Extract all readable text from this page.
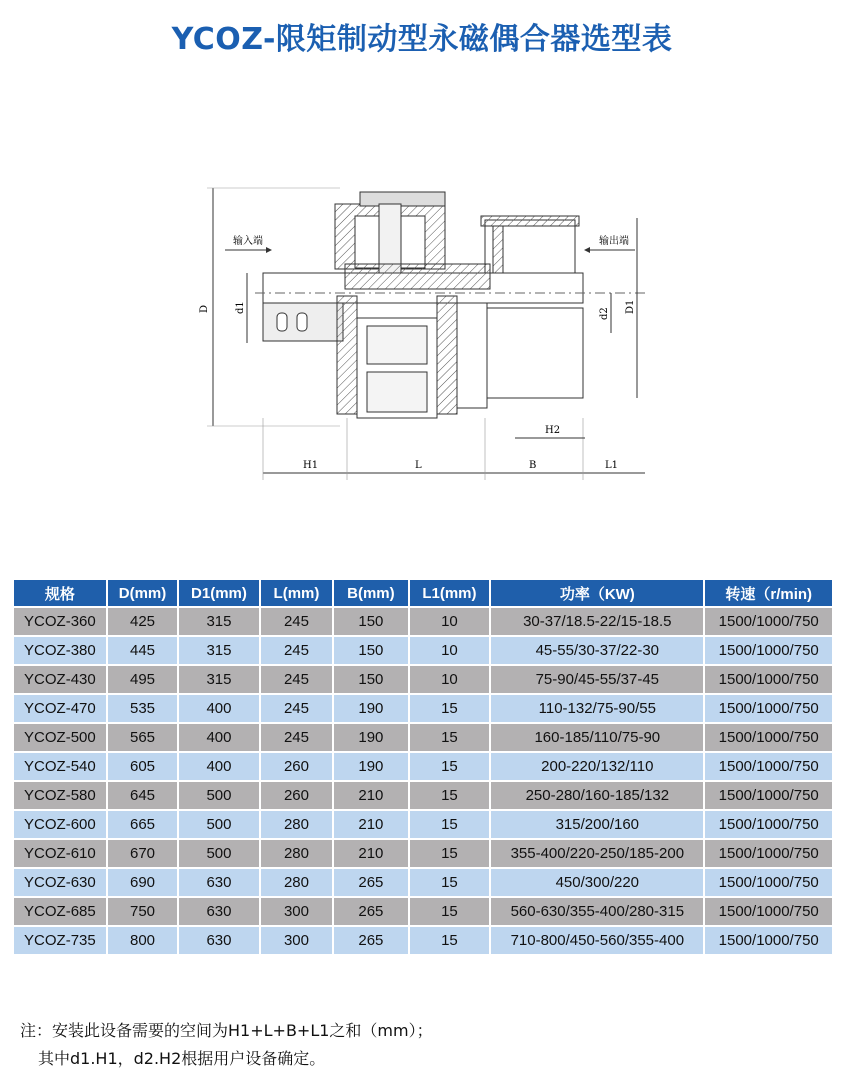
YCOZ-限矩制动型永磁偶合器选型表
输入端	输出端
D	d1	d2 D1
H1	L	B	L1
H2
规格	D(mm)	D1(mm)	L(mm)	B(mm)	L1(mm)	功率（KW)	转速（r/min)
YCOZ-360	425	315	245	150	10	30-37/18.5-22/15-18.5	1500/1000/750
YCOZ-380	445	315	245	150	10	45-55/30-37/22-30	1500/1000/750
YCOZ-430	495	315	245	150	10	75-90/45-55/37-45	1500/1000/750
YCOZ-470	535	400	245	190	15	110-132/75-90/55	1500/1000/750
YCOZ-500	565	400	245	190	15	160-185/110/75-90	1500/1000/750
YCOZ-540	605	400	260	190	15	200-220/132/110	1500/1000/750
YCOZ-580	645	500	260	210	15	250-280/160-185/132	1500/1000/750
YCOZ-600	665	500	280	210	15	315/200/160	1500/1000/750
YCOZ-610	670	500	280	210	15	355-400/220-250/185-200	1500/1000/750
YCOZ-630	690	630	280	265	15	450/300/220	1500/1000/750
YCOZ-685	750	630	300	265	15	560-630/355-400/280-315	1500/1000/750
YCOZ-735	800	630	300	265	15	710-800/450-560/355-400	1500/1000/750
注：安装此设备需要的空间为H1+L+B+L1之和（mm）；
其中d1.H1，d2.H2根据用户设备确定。
